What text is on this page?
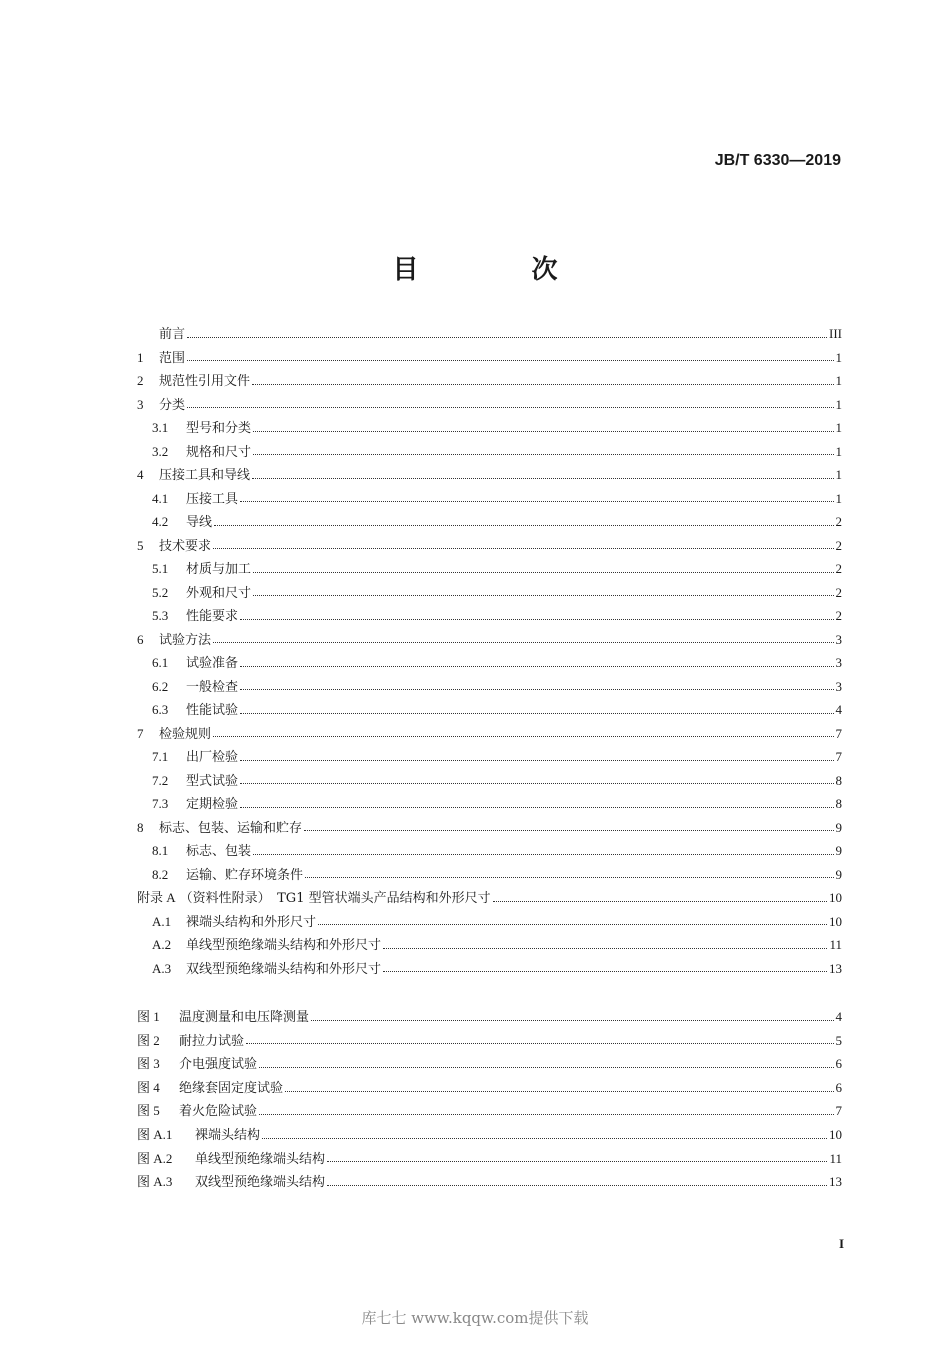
JB/T 6330—2019
目 次
前言	III
1	范围	1
2	规范性引用文件	1
3	分类	1
3.1	型号和分类	1
3.2	规格和尺寸	1
4	压接工具和导线	1
4.1	压接工具	1
4.2	导线	2
5	技术要求	2
5.1	材质与加工	2
5.2	外观和尺寸	2
5.3	性能要求	2
6	试验方法	3
6.1	试验准备	3
6.2	一般检查	3
6.3	性能试验	4
7	检验规则	7
7.1	出厂检验	7
7.2	型式试验	8
7.3	定期检验	8
8	标志、包装、运输和贮存	9
8.1	标志、包装	9
8.2	运输、贮存环境条件	9
附录 A （资料性附录）　TG1 型管状端头产品结构和外形尺寸	10
A.1	裸端头结构和外形尺寸	10
A.2	单线型预绝缘端头结构和外形尺寸	11
A.3	双线型预绝缘端头结构和外形尺寸	13
图 1	温度测量和电压降测量	4
图 2	耐拉力试验	5
图 3	介电强度试验	6
图 4	绝缘套固定度试验	6
图 5	着火危险试验	7
图 A.1	裸端头结构	10
图 A.2	单线型预绝缘端头结构	11
图 A.3	双线型预绝缘端头结构	13
I
库七七 www.kqqw.com提供下载
